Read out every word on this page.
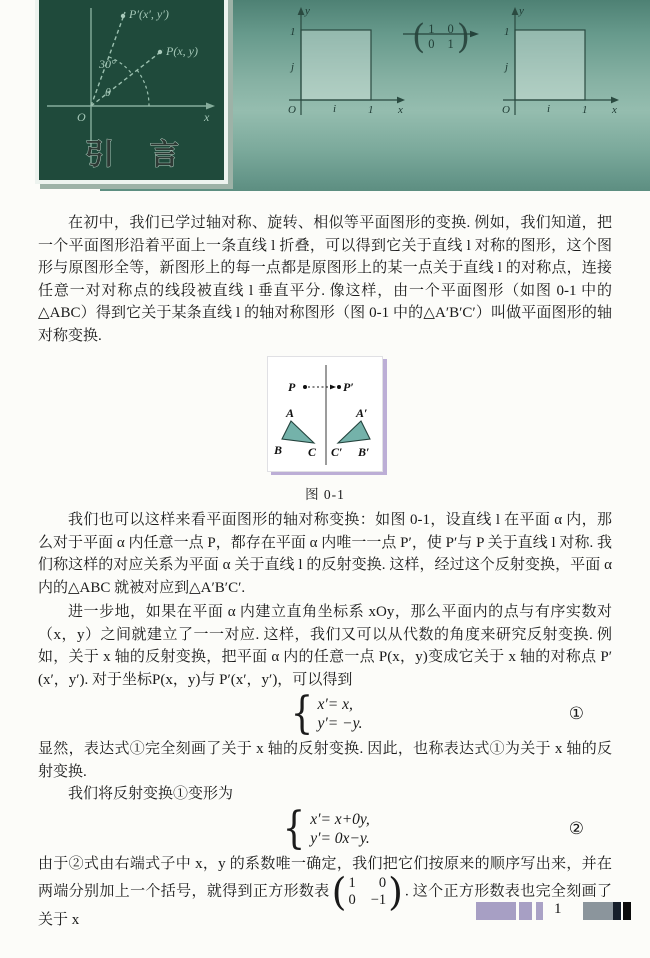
y
1
j
O	i	1 x
( 1 0
0 1 )
y
1
j
O	i	1 x
P′(x′, y′)
P(x, y)
30°
θ
O	x
引 言

在初中，我们已学过轴对称、旋转、相似等平面图形的变换. 例如，我们知道，把一个平面图形沿着平面上一条直线 l 折叠，可以得到它关于直线 l 对称的图形，这个图形与原图形全等，新图形上的每一点都是原图形上的某一点关于直线 l 的对称点，连接任意一对对称点的线段被直线 l 垂直平分. 像这样，由一个平面图形（如图 0-1 中的△ABC）得到它关于某条直线 l 的轴对称图形（图 0-1 中的△A′B′C′）叫做平面图形的轴对称变换.

P	P′
A
B C
A′
C′ B′
图 0-1

我们也可以这样来看平面图形的轴对称变换：如图 0-1，设直线 l 在平面 α 内，那么对于平面 α 内任意一点 P，都存在平面 α 内唯一一点 P′，使 P′与 P 关于直线 l 对称. 我们称这样的对应关系为平面 α 关于直线 l 的反射变换. 这样，经过这个反射变换，平面 α 内的△ABC 就被对应到△A′B′C′.

进一步地，如果在平面 α 内建立直角坐标系 xOy，那么平面内的点与有序实数对（x，y）之间就建立了一一对应. 这样，我们又可以从代数的角度来研究反射变换. 例如，关于 x 轴的反射变换，把平面 α 内的任意一点 P(x，y)变成它关于 x 轴的对称点 P′(x′，y′). 对于坐标P(x，y)与 P′(x′，y′)，可以得到

{ x′= x,
y′= −y.
①

显然，表达式①完全刻画了关于 x 轴的反射变换. 因此，也称表达式①为关于 x 轴的反射变换.

我们将反射变换①变形为

{ x′= x+0y,
y′= 0x−y.
②

由于②式由右端式子中 x，y 的系数唯一确定，我们把它们按原来的顺序写出来，并在两端分别加上一个括号，就得到正方形数表 ( 1	0
0 −1 ) . 这个正方形数表也完全刻画了关于 x

1
